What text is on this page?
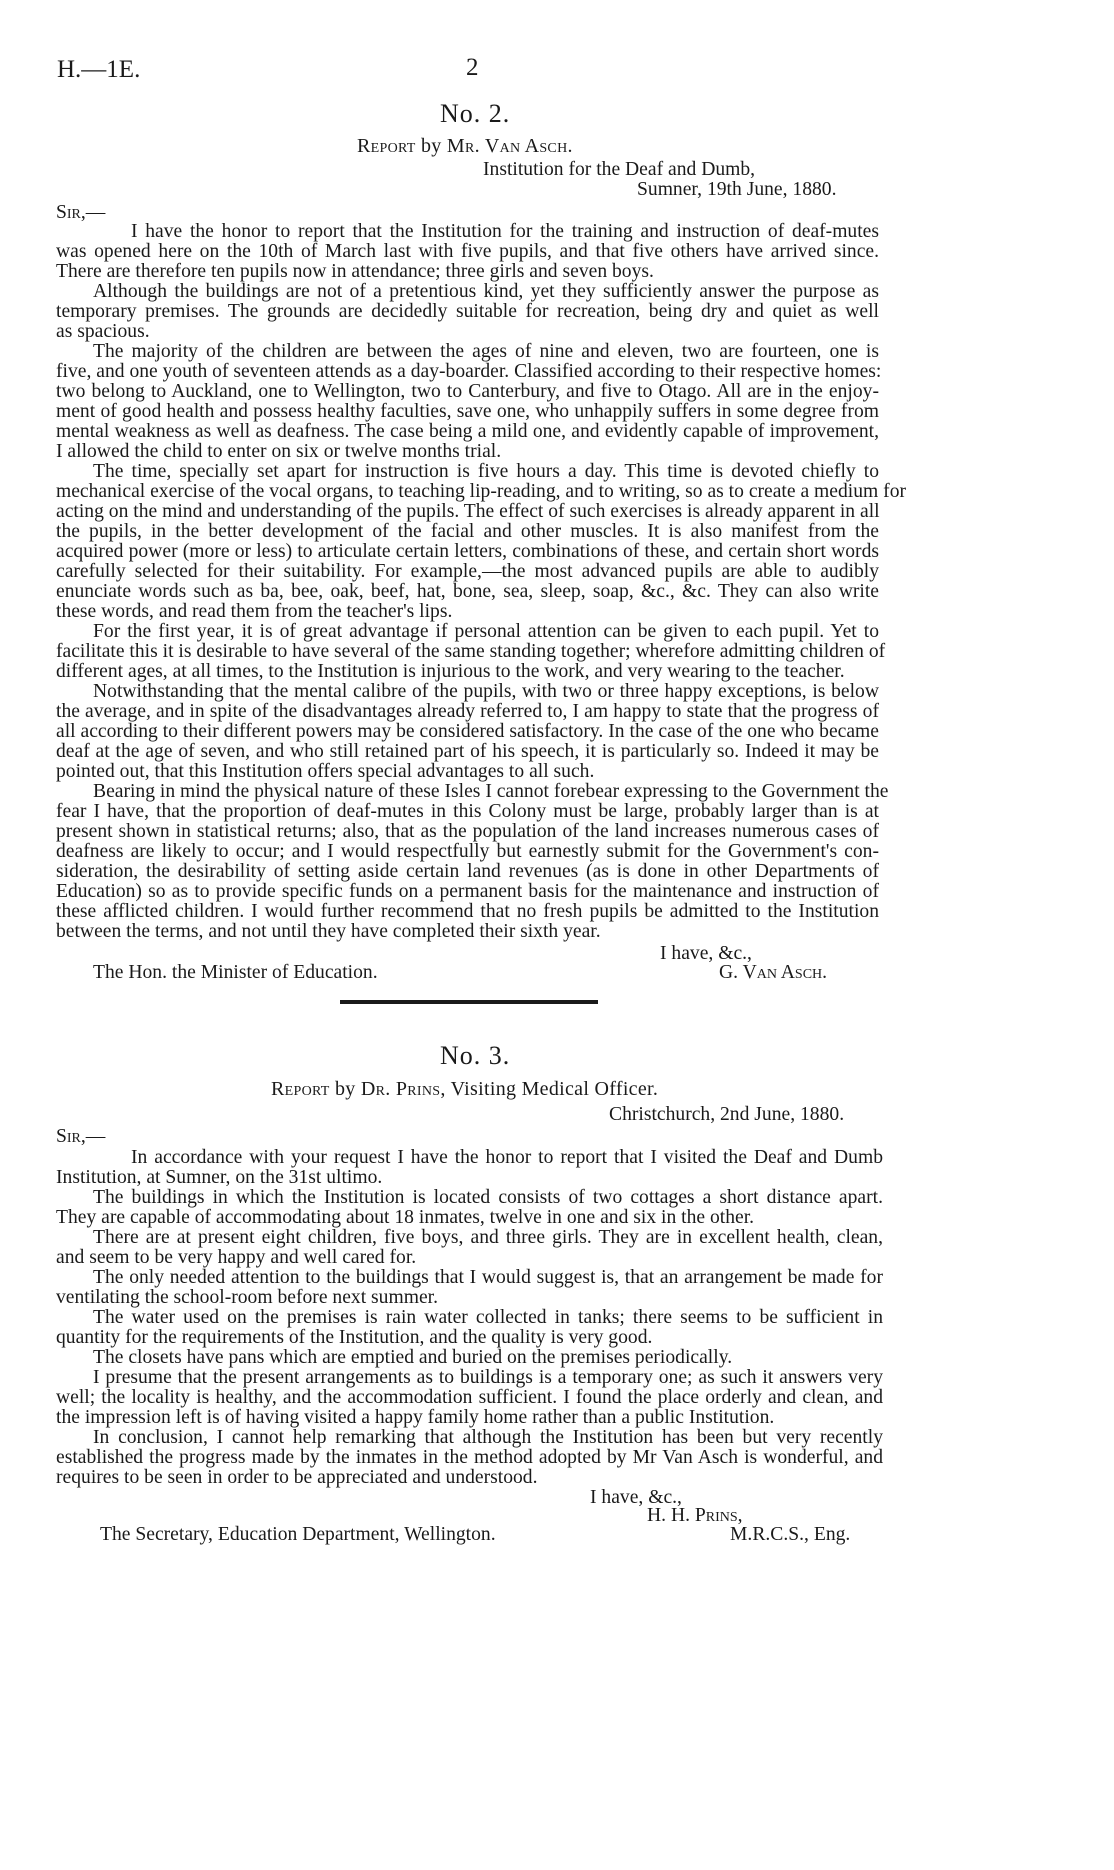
H.—1E.	2
No. 2.
Report by Mr. Van Asch.
Institution for the Deaf and Dumb,
Sumner, 19th June, 1880.
Sir,—
I have the honor to report that the Institution for the training and instruction of deaf-mutes
was opened here on the 10th of March last with five pupils, and that five others have arrived since.
There are therefore ten pupils now in attendance; three girls and seven boys.
Although the buildings are not of a pretentious kind, yet they sufficiently answer the purpose as
temporary premises. The grounds are decidedly suitable for recreation, being dry and quiet as well
as spacious.
The majority of the children are between the ages of nine and eleven, two are fourteen, one is
five, and one youth of seventeen attends as a day-boarder. Classified according to their respective homes:
two belong to Auckland, one to Wellington, two to Canterbury, and five to Otago. All are in the enjoy-
ment of good health and possess healthy faculties, save one, who unhappily suffers in some degree from
mental weakness as well as deafness. The case being a mild one, and evidently capable of improvement,
I allowed the child to enter on six or twelve months trial.
The time, specially set apart for instruction is five hours a day. This time is devoted chiefly to
mechanical exercise of the vocal organs, to teaching lip-reading, and to writing, so as to create a medium for
acting on the mind and understanding of the pupils. The effect of such exercises is already apparent in all
the pupils, in the better development of the facial and other muscles. It is also manifest from the
acquired power (more or less) to articulate certain letters, combinations of these, and certain short words
carefully selected for their suitability. For example,—the most advanced pupils are able to audibly
enunciate words such as ba, bee, oak, beef, hat, bone, sea, sleep, soap, &c., &c. They can also write
these words, and read them from the teacher's lips.
For the first year, it is of great advantage if personal attention can be given to each pupil. Yet to
facilitate this it is desirable to have several of the same standing together; wherefore admitting children of
different ages, at all times, to the Institution is injurious to the work, and very wearing to the teacher.
Notwithstanding that the mental calibre of the pupils, with two or three happy exceptions, is below
the average, and in spite of the disadvantages already referred to, I am happy to state that the progress of
all according to their different powers may be considered satisfactory. In the case of the one who became
deaf at the age of seven, and who still retained part of his speech, it is particularly so. Indeed it may be
pointed out, that this Institution offers special advantages to all such.
Bearing in mind the physical nature of these Isles I cannot forebear expressing to the Government the
fear I have, that the proportion of deaf-mutes in this Colony must be large, probably larger than is at
present shown in statistical returns; also, that as the population of the land increases numerous cases of
deafness are likely to occur; and I would respectfully but earnestly submit for the Government's con-
sideration, the desirability of setting aside certain land revenues (as is done in other Departments of
Education) so as to provide specific funds on a permanent basis for the maintenance and instruction of
these afflicted children. I would further recommend that no fresh pupils be admitted to the Institution
between the terms, and not until they have completed their sixth year.
I have, &c.,
The Hon. the Minister of Education.	G. Van Asch.
No. 3.
Report by Dr. Prins, Visiting Medical Officer.
Christchurch, 2nd June, 1880.
Sir,—
In accordance with your request I have the honor to report that I visited the Deaf and Dumb
Institution, at Sumner, on the 31st ultimo.
The buildings in which the Institution is located consists of two cottages a short distance apart.
They are capable of accommodating about 18 inmates, twelve in one and six in the other.
There are at present eight children, five boys, and three girls. They are in excellent health, clean,
and seem to be very happy and well cared for.
The only needed attention to the buildings that I would suggest is, that an arrangement be made for
ventilating the school-room before next summer.
The water used on the premises is rain water collected in tanks; there seems to be sufficient in
quantity for the requirements of the Institution, and the quality is very good.
The closets have pans which are emptied and buried on the premises periodically.
I presume that the present arrangements as to buildings is a temporary one; as such it answers very
well; the locality is healthy, and the accommodation sufficient. I found the place orderly and clean, and
the impression left is of having visited a happy family home rather than a public Institution.
In conclusion, I cannot help remarking that although the Institution has been but very recently
established the progress made by the inmates in the method adopted by Mr Van Asch is wonderful, and
requires to be seen in order to be appreciated and understood.
I have, &c.,
H. H. Prins,
The Secretary, Education Department, Wellington.	M.R.C.S., Eng.
